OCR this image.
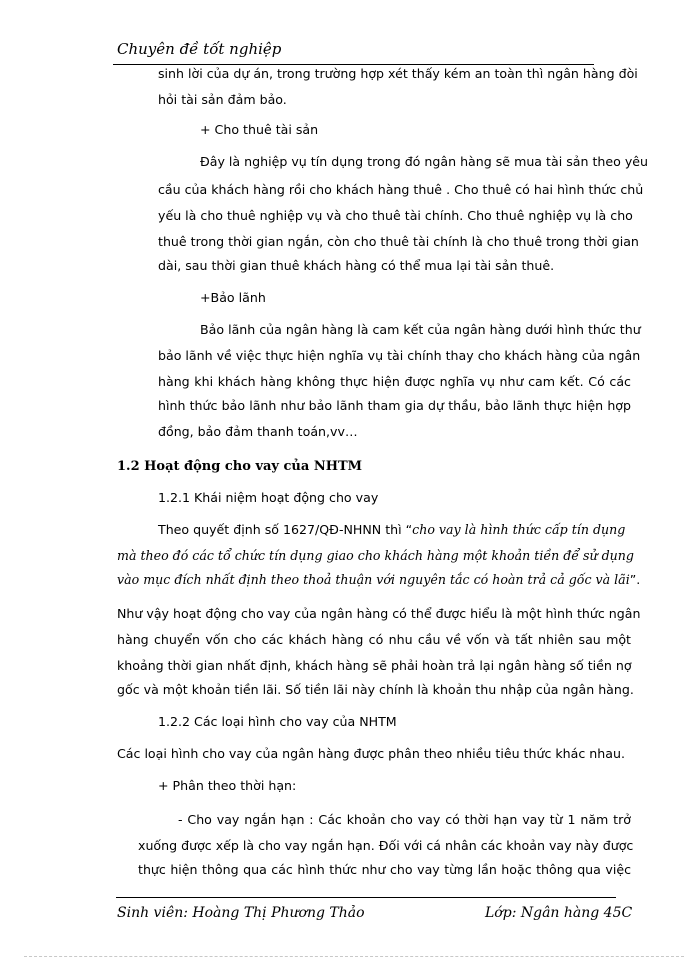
Chuyên đề tốt nghiệp
sinh lời của dự án, trong trường hợp xét thấy kém an toàn thì ngân hàng đòi
hỏi tài sản đảm bảo.
+ Cho thuê tài sản
Đây là nghiệp vụ tín dụng trong đó ngân hàng sẽ mua tài sản theo yêu
cầu của khách hàng rồi cho khách hàng thuê . Cho thuê có hai hình thức chủ
yếu là cho thuê nghiệp vụ và cho thuê tài chính. Cho thuê nghiệp vụ là cho
thuê trong thời gian ngắn, còn cho thuê tài chính là cho thuê trong thời gian
dài, sau thời gian thuê khách hàng có thể mua lại tài sản thuê.
+Bảo lãnh
Bảo lãnh của ngân hàng là cam kết của ngân hàng dưới hình thức thư
bảo lãnh về việc thực hiện nghĩa vụ tài chính thay cho khách hàng của ngân
hàng khi khách hàng không thực hiện được nghĩa vụ như cam kết. Có các
hình thức bảo lãnh như bảo lãnh tham gia dự thầu, bảo lãnh thực hiện hợp
đồng, bảo đảm thanh toán,vv…
1.2 Hoạt động cho vay của NHTM
1.2.1 Khái niệm hoạt động cho vay
Theo quyết định số 1627/QĐ-NHNN thì “cho vay là hình thức cấp tín dụng
mà theo đó các tổ chức tín dụng giao cho khách hàng một khoản tiền để sử dụng
vào mục đích nhất định theo thoả thuận với nguyên tắc có hoàn trả cả gốc và lãi”.
Như vậy hoạt động cho vay của ngân hàng có thể được hiểu là một hình thức ngân
hàng chuyển vốn cho các khách hàng có nhu cầu về vốn và tất nhiên sau một
khoảng thời gian nhất định, khách hàng sẽ phải hoàn trả lại ngân hàng số tiền nợ
gốc và một khoản tiền lãi. Số tiền lãi này chính là khoản thu nhập của ngân hàng.
1.2.2 Các loại hình cho vay của NHTM
Các loại hình cho vay của ngân hàng được phân theo nhiều tiêu thức khác nhau.
+ Phân theo thời hạn:
- Cho vay ngắn hạn : Các khoản cho vay có thời hạn vay từ 1 năm trở
xuống được xếp là cho vay ngắn hạn. Đối với cá nhân các khoản vay này được
thực hiện thông qua các hình thức như cho vay từng lần hoặc thông qua việc
Sinh viên: Hoàng Thị Phương Thảo	Lớp: Ngân hàng 45C
